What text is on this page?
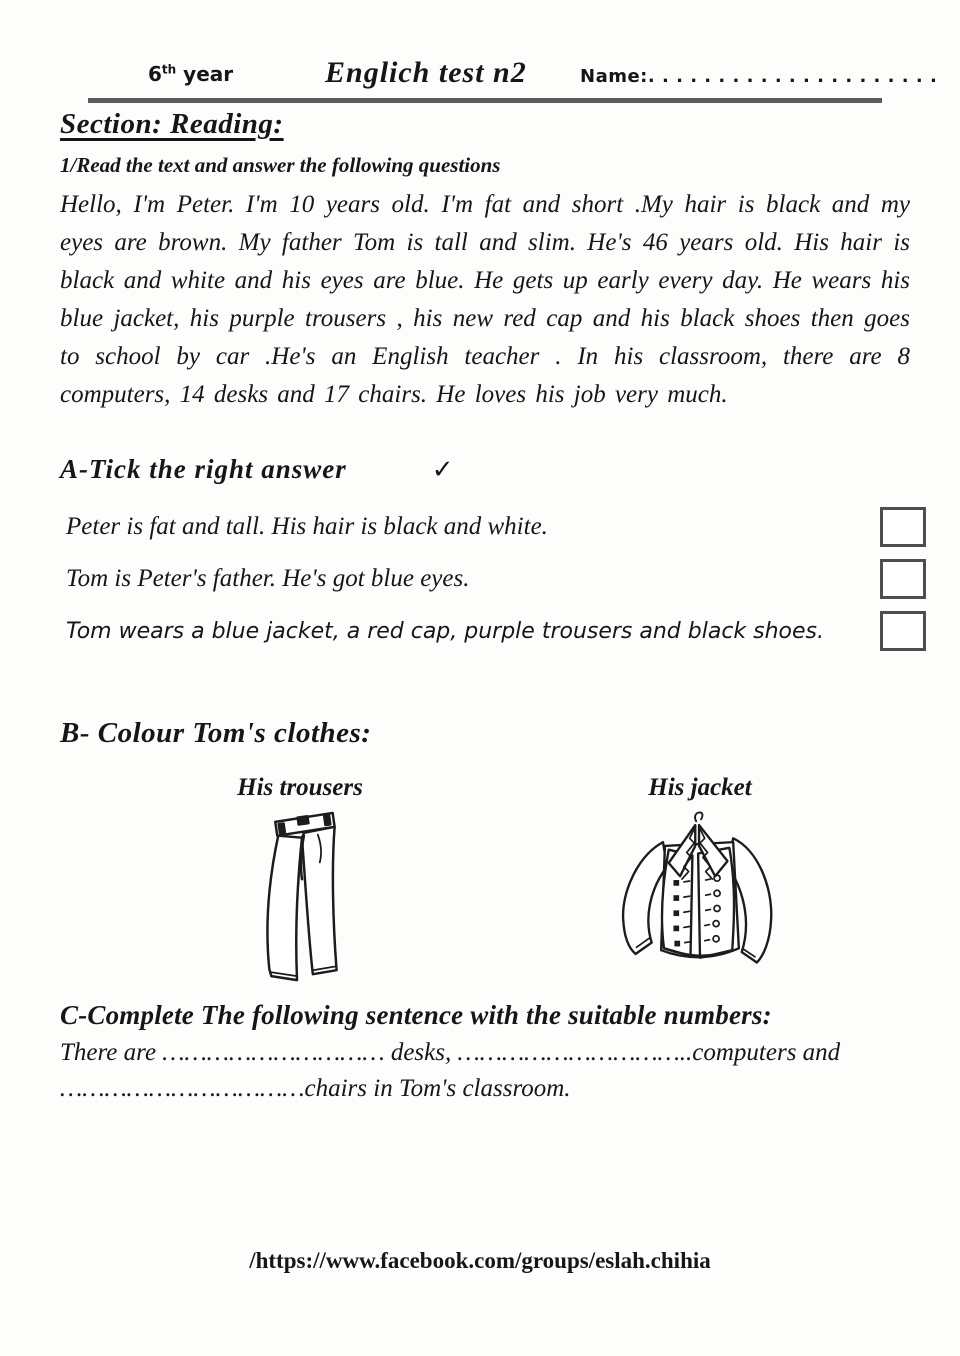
6th year	Englich test n2	Name:. . . . . . . . . . . . . . . . . . . . .
Section: Reading:
1/Read the text and answer the following questions
Hello, I'm Peter. I'm 10 years old. I'm fat and short .My hair is black and my eyes are brown. My father Tom is tall and slim. He's 46 years old. His hair is black and white and his eyes are blue. He gets up early every day. He wears his blue jacket, his purple trousers , his new red cap and his black shoes then goes to school by car .He's an English teacher . In his classroom, there are 8 computers, 14 desks and 17 chairs. He loves his job very much.
A-Tick the right answer	✓
Peter is fat and tall. His hair is black and white.
Tom is Peter's father. He's got blue eyes.
Tom wears a blue jacket, a red cap, purple trousers and black shoes.
B- Colour Tom's clothes:
His trousers	His jacket
C-Complete The following sentence with the suitable numbers:
There are ………………………… desks, …………………………..computers and
……………………………chairs in Tom's classroom.
/https://www.facebook.com/groups/eslah.chihia
